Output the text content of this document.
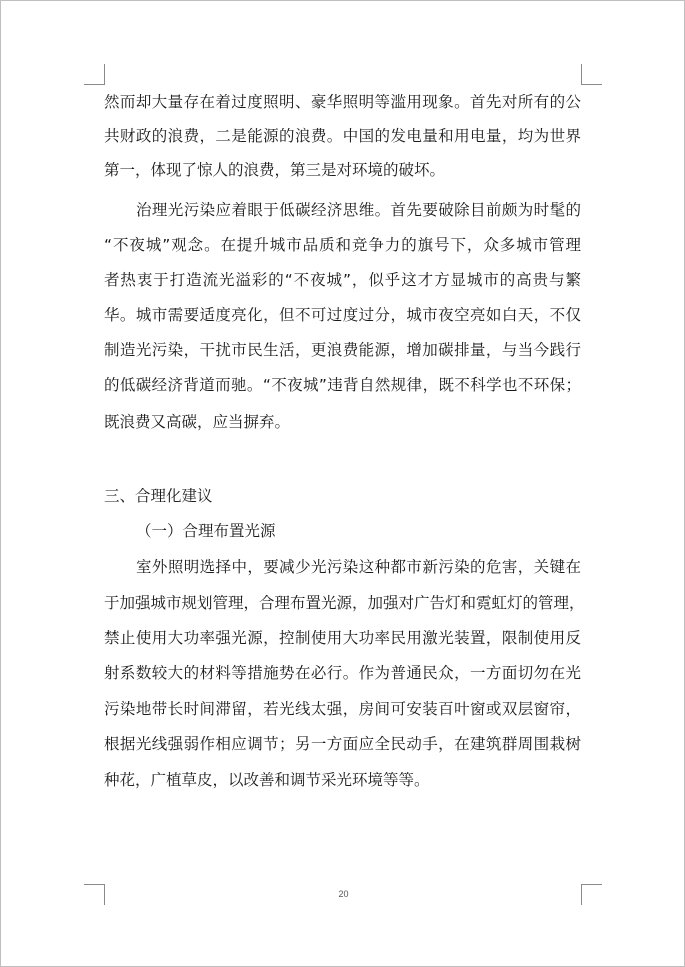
然而却大量存在着过度照明、豪华照明等滥用现象。首先对所有的公

共财政的浪费，二是能源的浪费。中国的发电量和用电量，均为世界

第一，体现了惊人的浪费，第三是对环境的破坏。

治理光污染应着眼于低碳经济思维。首先要破除目前颇为时髦的

“不夜城”观念。在提升城市品质和竞争力的旗号下，众多城市管理

者热衷于打造流光溢彩的“不夜城”，似乎这才方显城市的高贵与繁

华。城市需要适度亮化，但不可过度过分，城市夜空亮如白天，不仅

制造光污染，干扰市民生活，更浪费能源，增加碳排量，与当今践行

的低碳经济背道而驰。“不夜城”违背自然规律，既不科学也不环保；

既浪费又高碳，应当摒弃。

三、合理化建议

（一）合理布置光源

室外照明选择中，要减少光污染这种都市新污染的危害，关键在

于加强城市规划管理，合理布置光源，加强对广告灯和霓虹灯的管理，

禁止使用大功率强光源，控制使用大功率民用激光装置，限制使用反

射系数较大的材料等措施势在必行。作为普通民众，一方面切勿在光

污染地带长时间滞留，若光线太强，房间可安装百叶窗或双层窗帘，

根据光线强弱作相应调节；另一方面应全民动手，在建筑群周围栽树

种花，广植草皮，以改善和调节采光环境等等。

20
